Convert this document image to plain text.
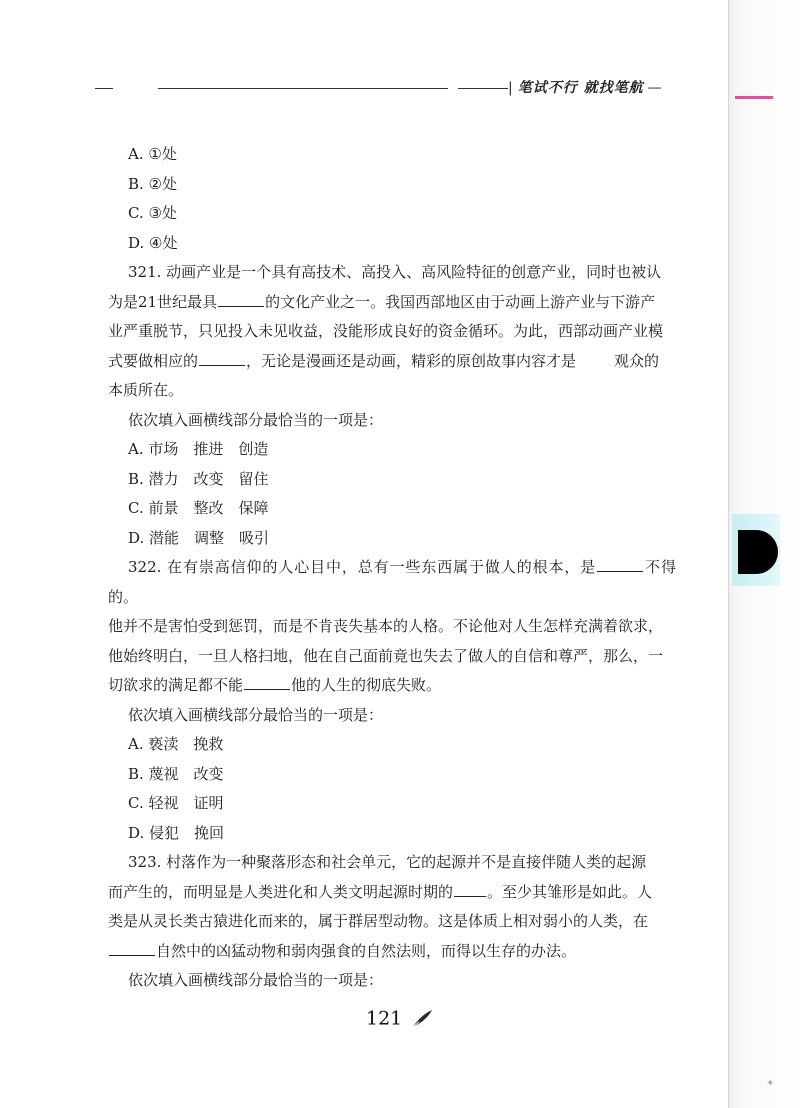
| 笔试不行 就找笔航 —
A. ①处
B. ②处
C. ③处
D. ④处
321. 动画产业是一个具有高技术、高投入、高风险特征的创意产业，同时也被认
为是21世纪最具	的文化产业之一。我国西部地区由于动画上游产业与下游产
业严重脱节，只见投入未见收益，没能形成良好的资金循环。为此，西部动画产业模
式要做相应的	，无论是漫画还是动画，精彩的原创故事内容才是	观众的
本质所在。
依次填入画横线部分最恰当的一项是：
A. 市场　推进　创造
B. 潜力　改变　留住
C. 前景　整改　保障
D. 潜能　调整　吸引
322. 在有崇高信仰的人心目中，总有一些东西属于做人的根本，是	不得的。
他并不是害怕受到惩罚，而是不肯丧失基本的人格。不论他对人生怎样充满着欲求，
他始终明白，一旦人格扫地，他在自己面前竟也失去了做人的自信和尊严，那么，一
切欲求的满足都不能	他的人生的彻底失败。
依次填入画横线部分最恰当的一项是：
A. 亵渎　挽救
B. 蔑视　改变
C. 轻视　证明
D. 侵犯　挽回
323. 村落作为一种聚落形态和社会单元，它的起源并不是直接伴随人类的起源
而产生的，而明显是人类进化和人类文明起源时期的 。至少其雏形是如此。人
类是从灵长类古猿进化而来的，属于群居型动物。这是体质上相对弱小的人类，在
自然中的凶猛动物和弱肉强食的自然法则，而得以生存的办法。
依次填入画横线部分最恰当的一项是：
121
✦
